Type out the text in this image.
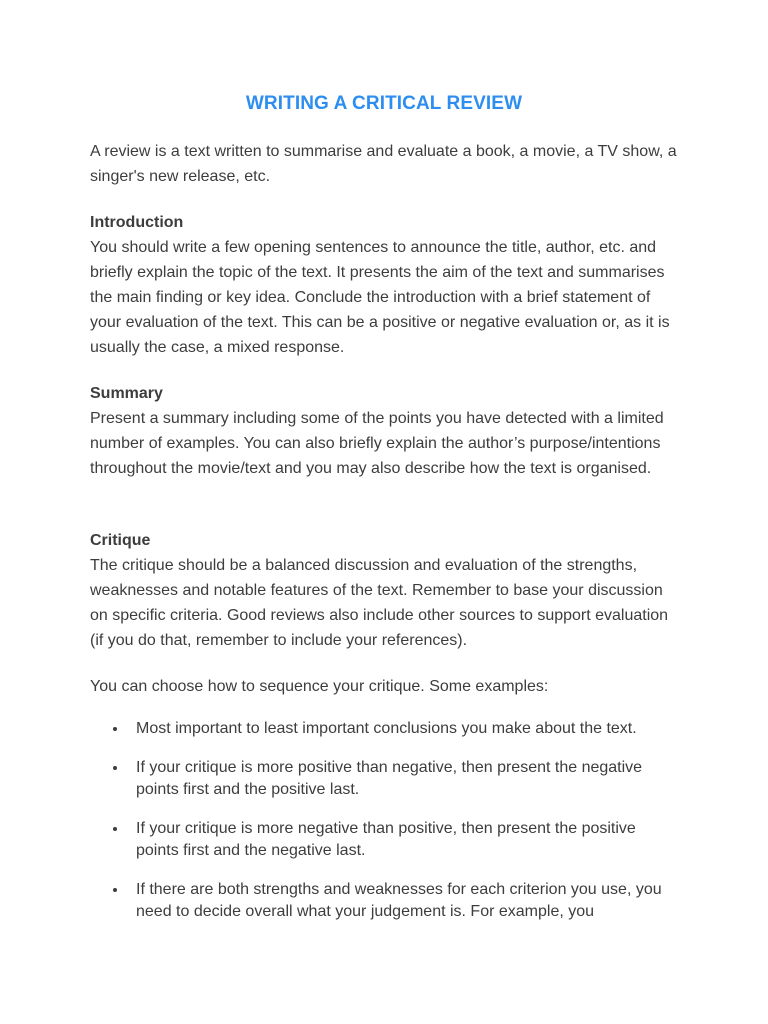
WRITING A CRITICAL REVIEW

A review is a text written to summarise and evaluate a book, a movie, a TV show, a singer's new release, etc.

Introduction
You should write a few opening sentences to announce the title, author, etc. and briefly explain the topic of the text. It presents the aim of the text and summarises the main finding or key idea. Conclude the introduction with a brief statement of your evaluation of the text. This can be a positive or negative evaluation or, as it is usually the case, a mixed response.
Summary
Present a summary including some of the points you have detected with a limited number of examples. You can also briefly explain the author’s purpose/intentions throughout the movie/text and you may also describe how the text is organised.
Critique
The critique should be a balanced discussion and evaluation of the strengths, weaknesses and notable features of the text. Remember to base your discussion on specific criteria. Good reviews also include other sources to support evaluation (if you do that, remember to include your references).

You can choose how to sequence your critique. Some examples:

Most important to least important conclusions you make about the text.
If your critique is more positive than negative, then present the negative points first and the positive last.
If your critique is more negative than positive, then present the positive points first and the negative last.
If there are both strengths and weaknesses for each criterion you use, you need to decide overall what your judgement is. For example, you
